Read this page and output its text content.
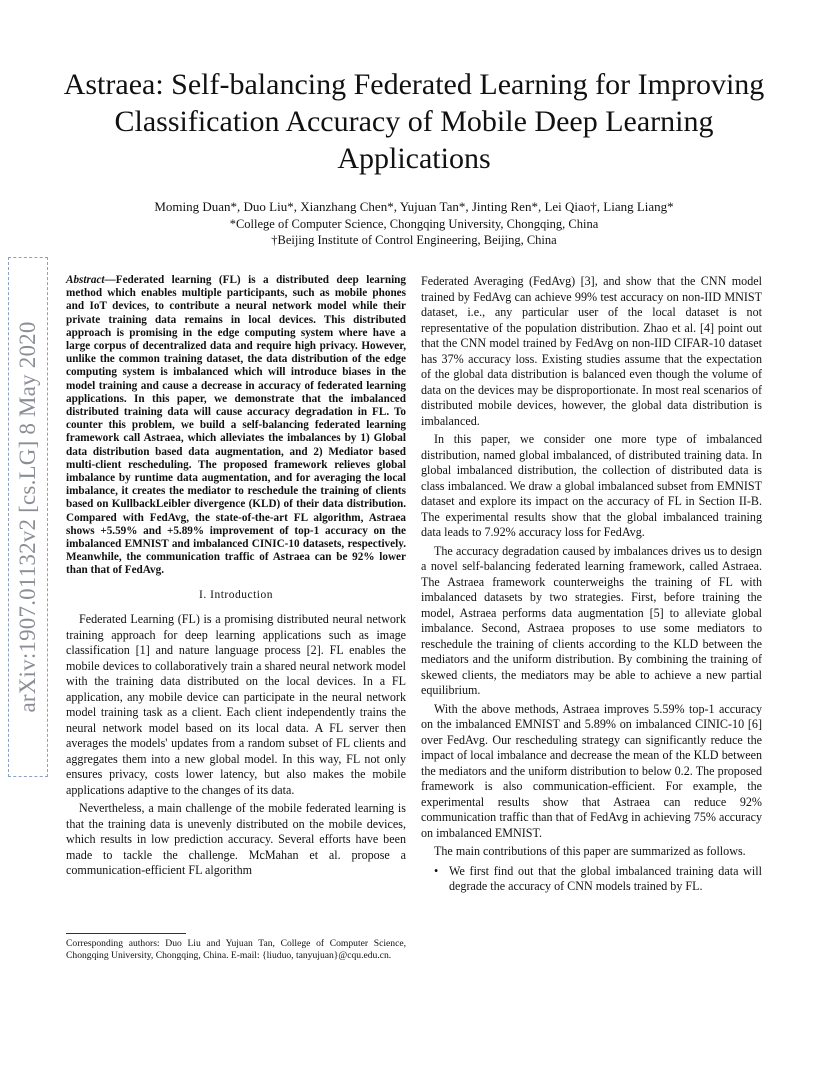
Astraea: Self-balancing Federated Learning for Improving Classification Accuracy of Mobile Deep Learning Applications
Moming Duan*, Duo Liu*, Xianzhang Chen*, Yujuan Tan*, Jinting Ren*, Lei Qiao†, Liang Liang*
*College of Computer Science, Chongqing University, Chongqing, China
†Beijing Institute of Control Engineering, Beijing, China
arXiv:1907.01132v2 [cs.LG] 8 May 2020
Abstract—Federated learning (FL) is a distributed deep learning method which enables multiple participants, such as mobile phones and IoT devices, to contribute a neural network model while their private training data remains in local devices. This distributed approach is promising in the edge computing system where have a large corpus of decentralized data and require high privacy. However, unlike the common training dataset, the data distribution of the edge computing system is imbalanced which will introduce biases in the model training and cause a decrease in accuracy of federated learning applications. In this paper, we demonstrate that the imbalanced distributed training data will cause accuracy degradation in FL. To counter this problem, we build a self-balancing federated learning framework call Astraea, which alleviates the imbalances by 1) Global data distribution based data augmentation, and 2) Mediator based multi-client rescheduling. The proposed framework relieves global imbalance by runtime data augmentation, and for averaging the local imbalance, it creates the mediator to reschedule the training of clients based on KullbackLeibler divergence (KLD) of their data distribution. Compared with FedAvg, the state-of-the-art FL algorithm, Astraea shows +5.59% and +5.89% improvement of top-1 accuracy on the imbalanced EMNIST and imbalanced CINIC-10 datasets, respectively. Meanwhile, the communication traffic of Astraea can be 92% lower than that of FedAvg.
I. Introduction

Federated Learning (FL) is a promising distributed neural network training approach for deep learning applications such as image classification [1] and nature language process [2]. FL enables the mobile devices to collaboratively train a shared neural network model with the training data distributed on the local devices. In a FL application, any mobile device can participate in the neural network model training task as a client. Each client independently trains the neural network model based on its local data. A FL server then averages the models' updates from a random subset of FL clients and aggregates them into a new global model. In this way, FL not only ensures privacy, costs lower latency, but also makes the mobile applications adaptive to the changes of its data.

Nevertheless, a main challenge of the mobile federated learning is that the training data is unevenly distributed on the mobile devices, which results in low prediction accuracy. Several efforts have been made to tackle the challenge. McMahan et al. propose a communication-efficient FL algorithm

Corresponding authors: Duo Liu and Yujuan Tan, College of Computer Science, Chongqing University, Chongqing, China. E-mail: {liuduo, tanyujuan}@cqu.edu.cn.

Federated Averaging (FedAvg) [3], and show that the CNN model trained by FedAvg can achieve 99% test accuracy on non-IID MNIST dataset, i.e., any particular user of the local dataset is not representative of the population distribution. Zhao et al. [4] point out that the CNN model trained by FedAvg on non-IID CIFAR-10 dataset has 37% accuracy loss. Existing studies assume that the expectation of the global data distribution is balanced even though the volume of data on the devices may be disproportionate. In most real scenarios of distributed mobile devices, however, the global data distribution is imbalanced.

In this paper, we consider one more type of imbalanced distribution, named global imbalanced, of distributed training data. In global imbalanced distribution, the collection of distributed data is class imbalanced. We draw a global imbalanced subset from EMNIST dataset and explore its impact on the accuracy of FL in Section II-B. The experimental results show that the global imbalanced training data leads to 7.92% accuracy loss for FedAvg.

The accuracy degradation caused by imbalances drives us to design a novel self-balancing federated learning framework, called Astraea. The Astraea framework counterweighs the training of FL with imbalanced datasets by two strategies. First, before training the model, Astraea performs data augmentation [5] to alleviate global imbalance. Second, Astraea proposes to use some mediators to reschedule the training of clients according to the KLD between the mediators and the uniform distribution. By combining the training of skewed clients, the mediators may be able to achieve a new partial equilibrium.

With the above methods, Astraea improves 5.59% top-1 accuracy on the imbalanced EMNIST and 5.89% on imbalanced CINIC-10 [6] over FedAvg. Our rescheduling strategy can significantly reduce the impact of local imbalance and decrease the mean of the KLD between the mediators and the uniform distribution to below 0.2. The proposed framework is also communication-efficient. For example, the experimental results show that Astraea can reduce 92% communication traffic than that of FedAvg in achieving 75% accuracy on imbalanced EMNIST.

The main contributions of this paper are summarized as follows.

• We first find out that the global imbalanced training data will degrade the accuracy of CNN models trained by FL.
